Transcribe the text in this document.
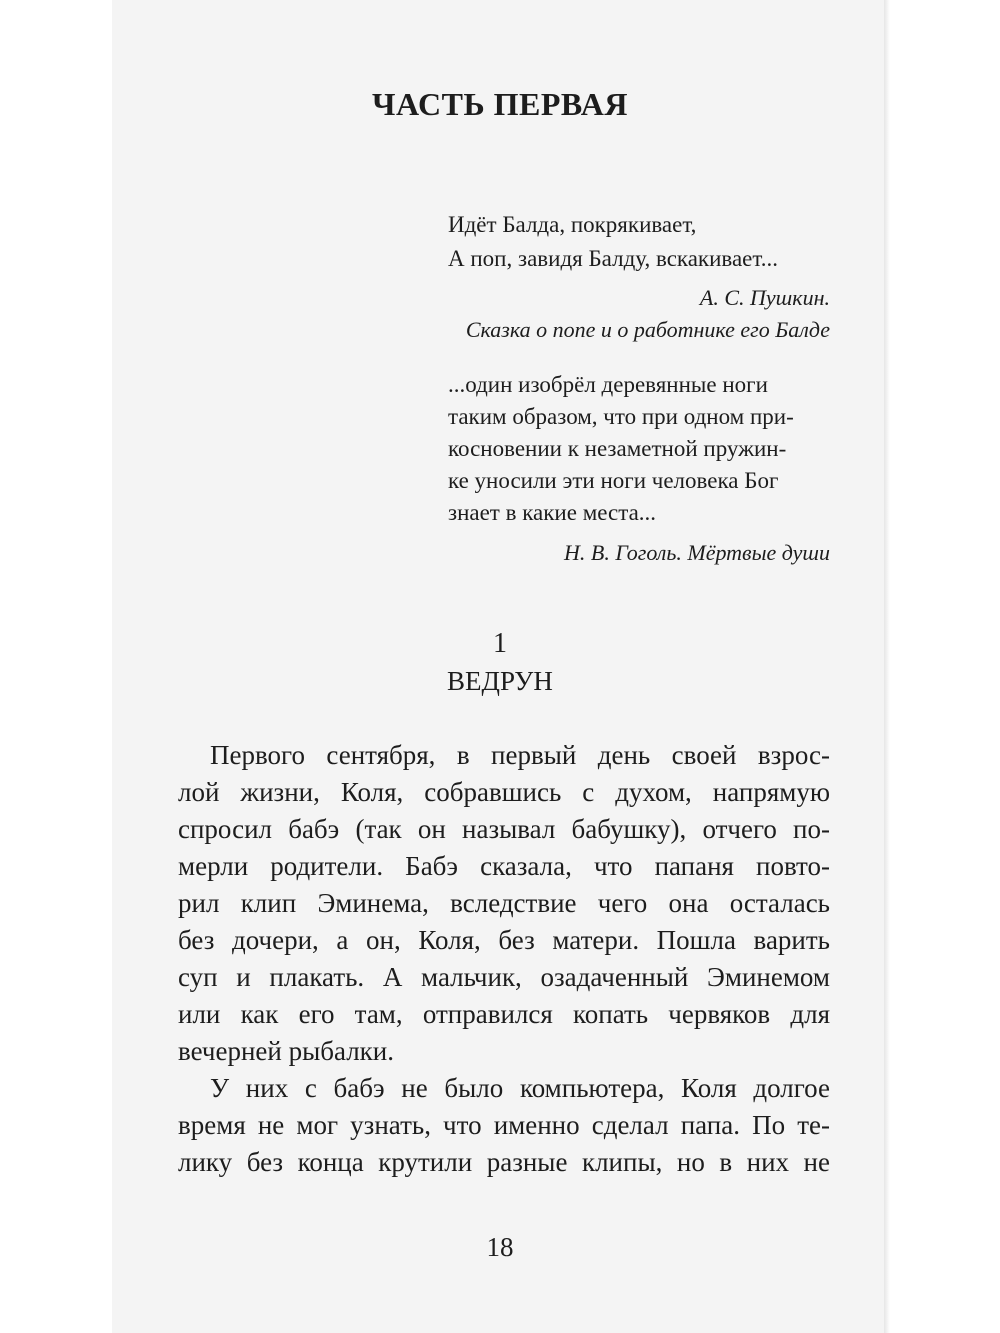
ЧАСТЬ ПЕРВАЯ
Идёт Балда, покрякивает,
А поп, завидя Балду, вскакивает...
А. С. Пушкин.
Сказка о попе и о работнике его Балде
...один изобрёл деревянные ноги
таким образом, что при одном при-
косновении к незаметной пружин-
ке уносили эти ноги человека Бог
знает в какие места...
Н. В. Гоголь. Мёртвые души
1
ВЕДРУН
Первого сентября, в первый день своей взрос-
лой жизни, Коля, собравшись с духом, напрямую
спросил бабэ (так он называл бабушку), отчего по-
мерли родители. Бабэ сказала, что папаня повто-
рил клип Эминема, вследствие чего она осталась
без дочери, а он, Коля, без матери. Пошла варить
суп и плакать. А мальчик, озадаченный Эминемом
или как его там, отправился копать червяков для
вечерней рыбалки.
У них с бабэ не было компьютера, Коля долгое
время не мог узнать, что именно сделал папа. По те-
лику без конца крутили разные клипы, но в них не
18
